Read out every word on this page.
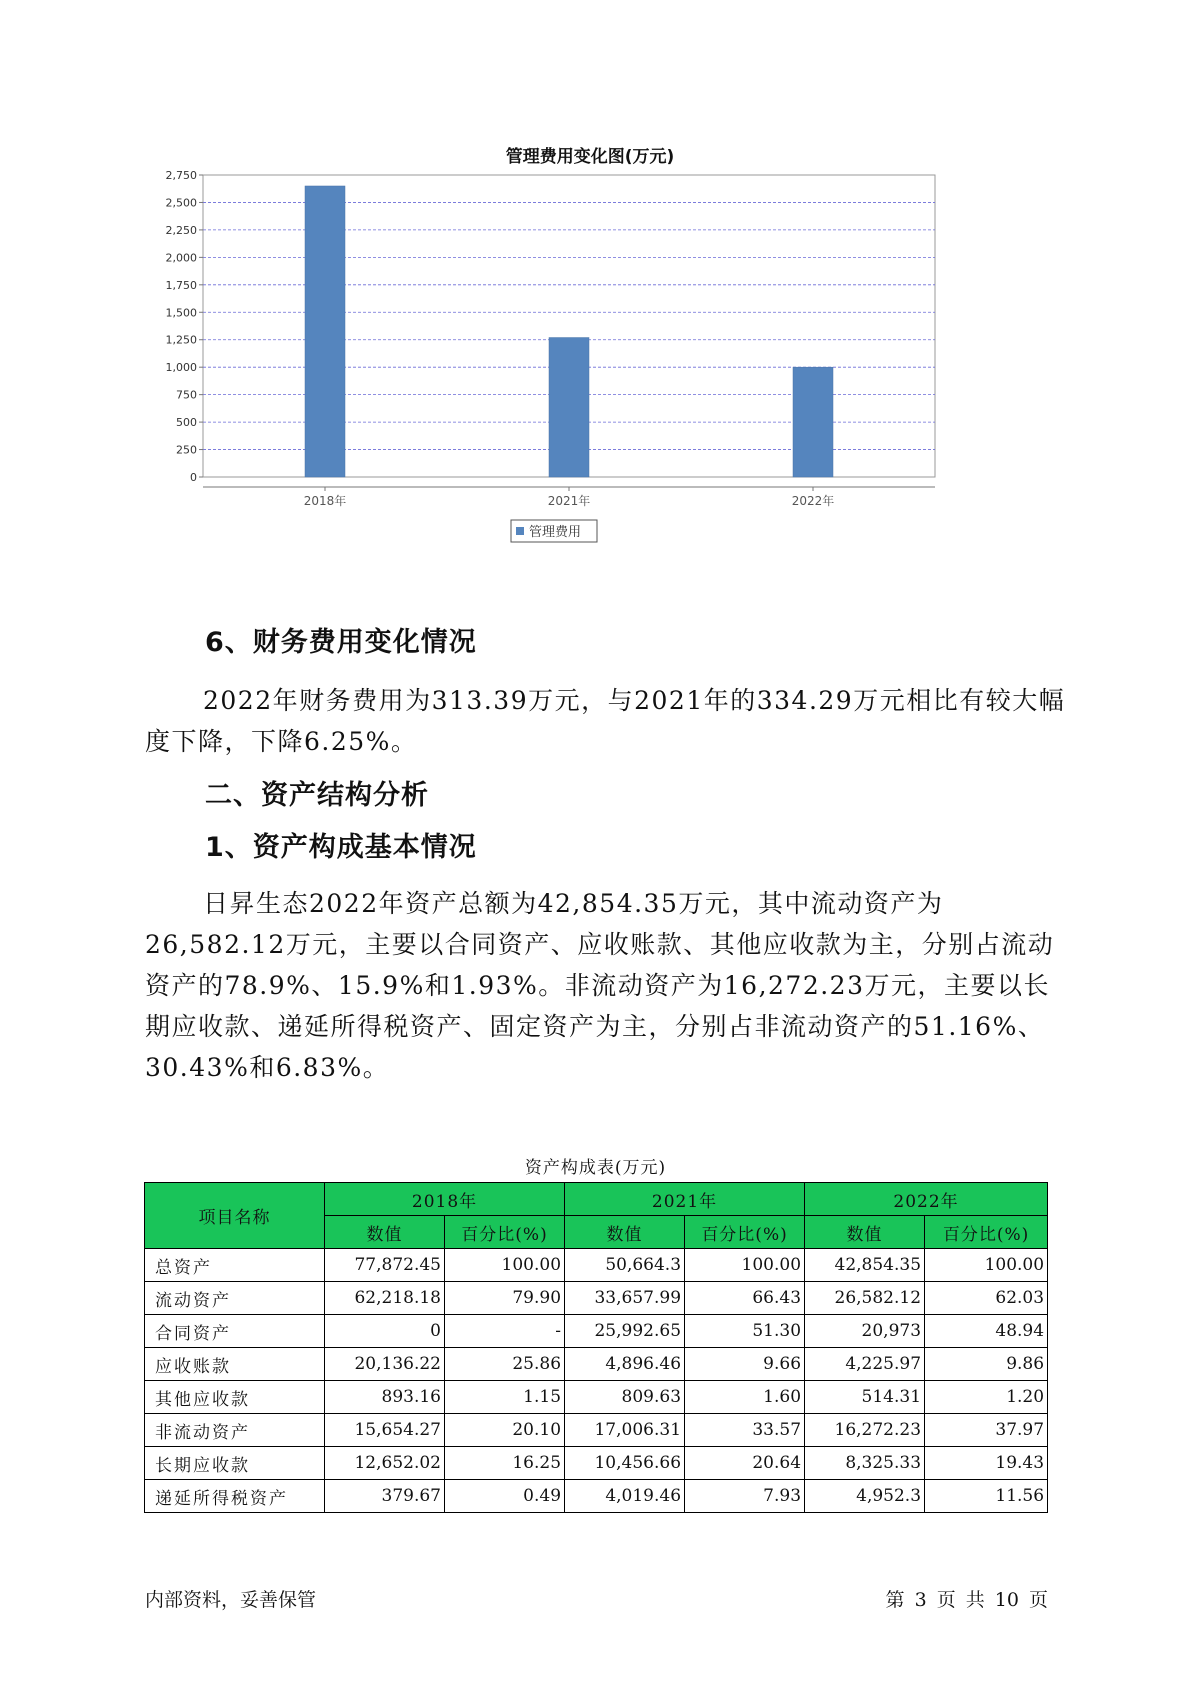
管理费用变化图(万元)
0
250
500
750
1,000
1,250
1,500
1,750
2,000
2,250
2,500
2,750
2018年	2021年	2022年
管理费用
6、财务费用变化情况

2022年财务费用为313.39万元，与2021年的334.29万元相比有较大幅度下降，下降6.25%。

二、资产结构分析
1、资产构成基本情况

日昇生态2022年资产总额为42,854.35万元，其中流动资产为26,582.12万元，主要以合同资产、应收账款、其他应收款为主，分别占流动资产的78.9%、15.9%和1.93%。非流动资产为16,272.23万元，主要以长期应收款、递延所得税资产、固定资产为主，分别占非流动资产的51.16%、30.43%和6.83%。

资产构成表(万元)
项目名称	2018年		2021年		2022年	
	数值	百分比(%)	数值	百分比(%)	数值	百分比(%)
总资产	77,872.45	100.00	50,664.3	100.00	42,854.35	100.00
流动资产	62,218.18	79.90	33,657.99	66.43	26,582.12	62.03
合同资产	0	-	25,992.65	51.30	20,973	48.94
应收账款	20,136.22	25.86	4,896.46	9.66	4,225.97	9.86
其他应收款	893.16	1.15	809.63	1.60	514.31	1.20
非流动资产	15,654.27	20.10	17,006.31	33.57	16,272.23	37.97
长期应收款	12,652.02	16.25	10,456.66	20.64	8,325.33	19.43
递延所得税资产	379.67	0.49	4,019.46	7.93	4,952.3	11.56
内部资料，妥善保管	第 3 页 共 10 页
